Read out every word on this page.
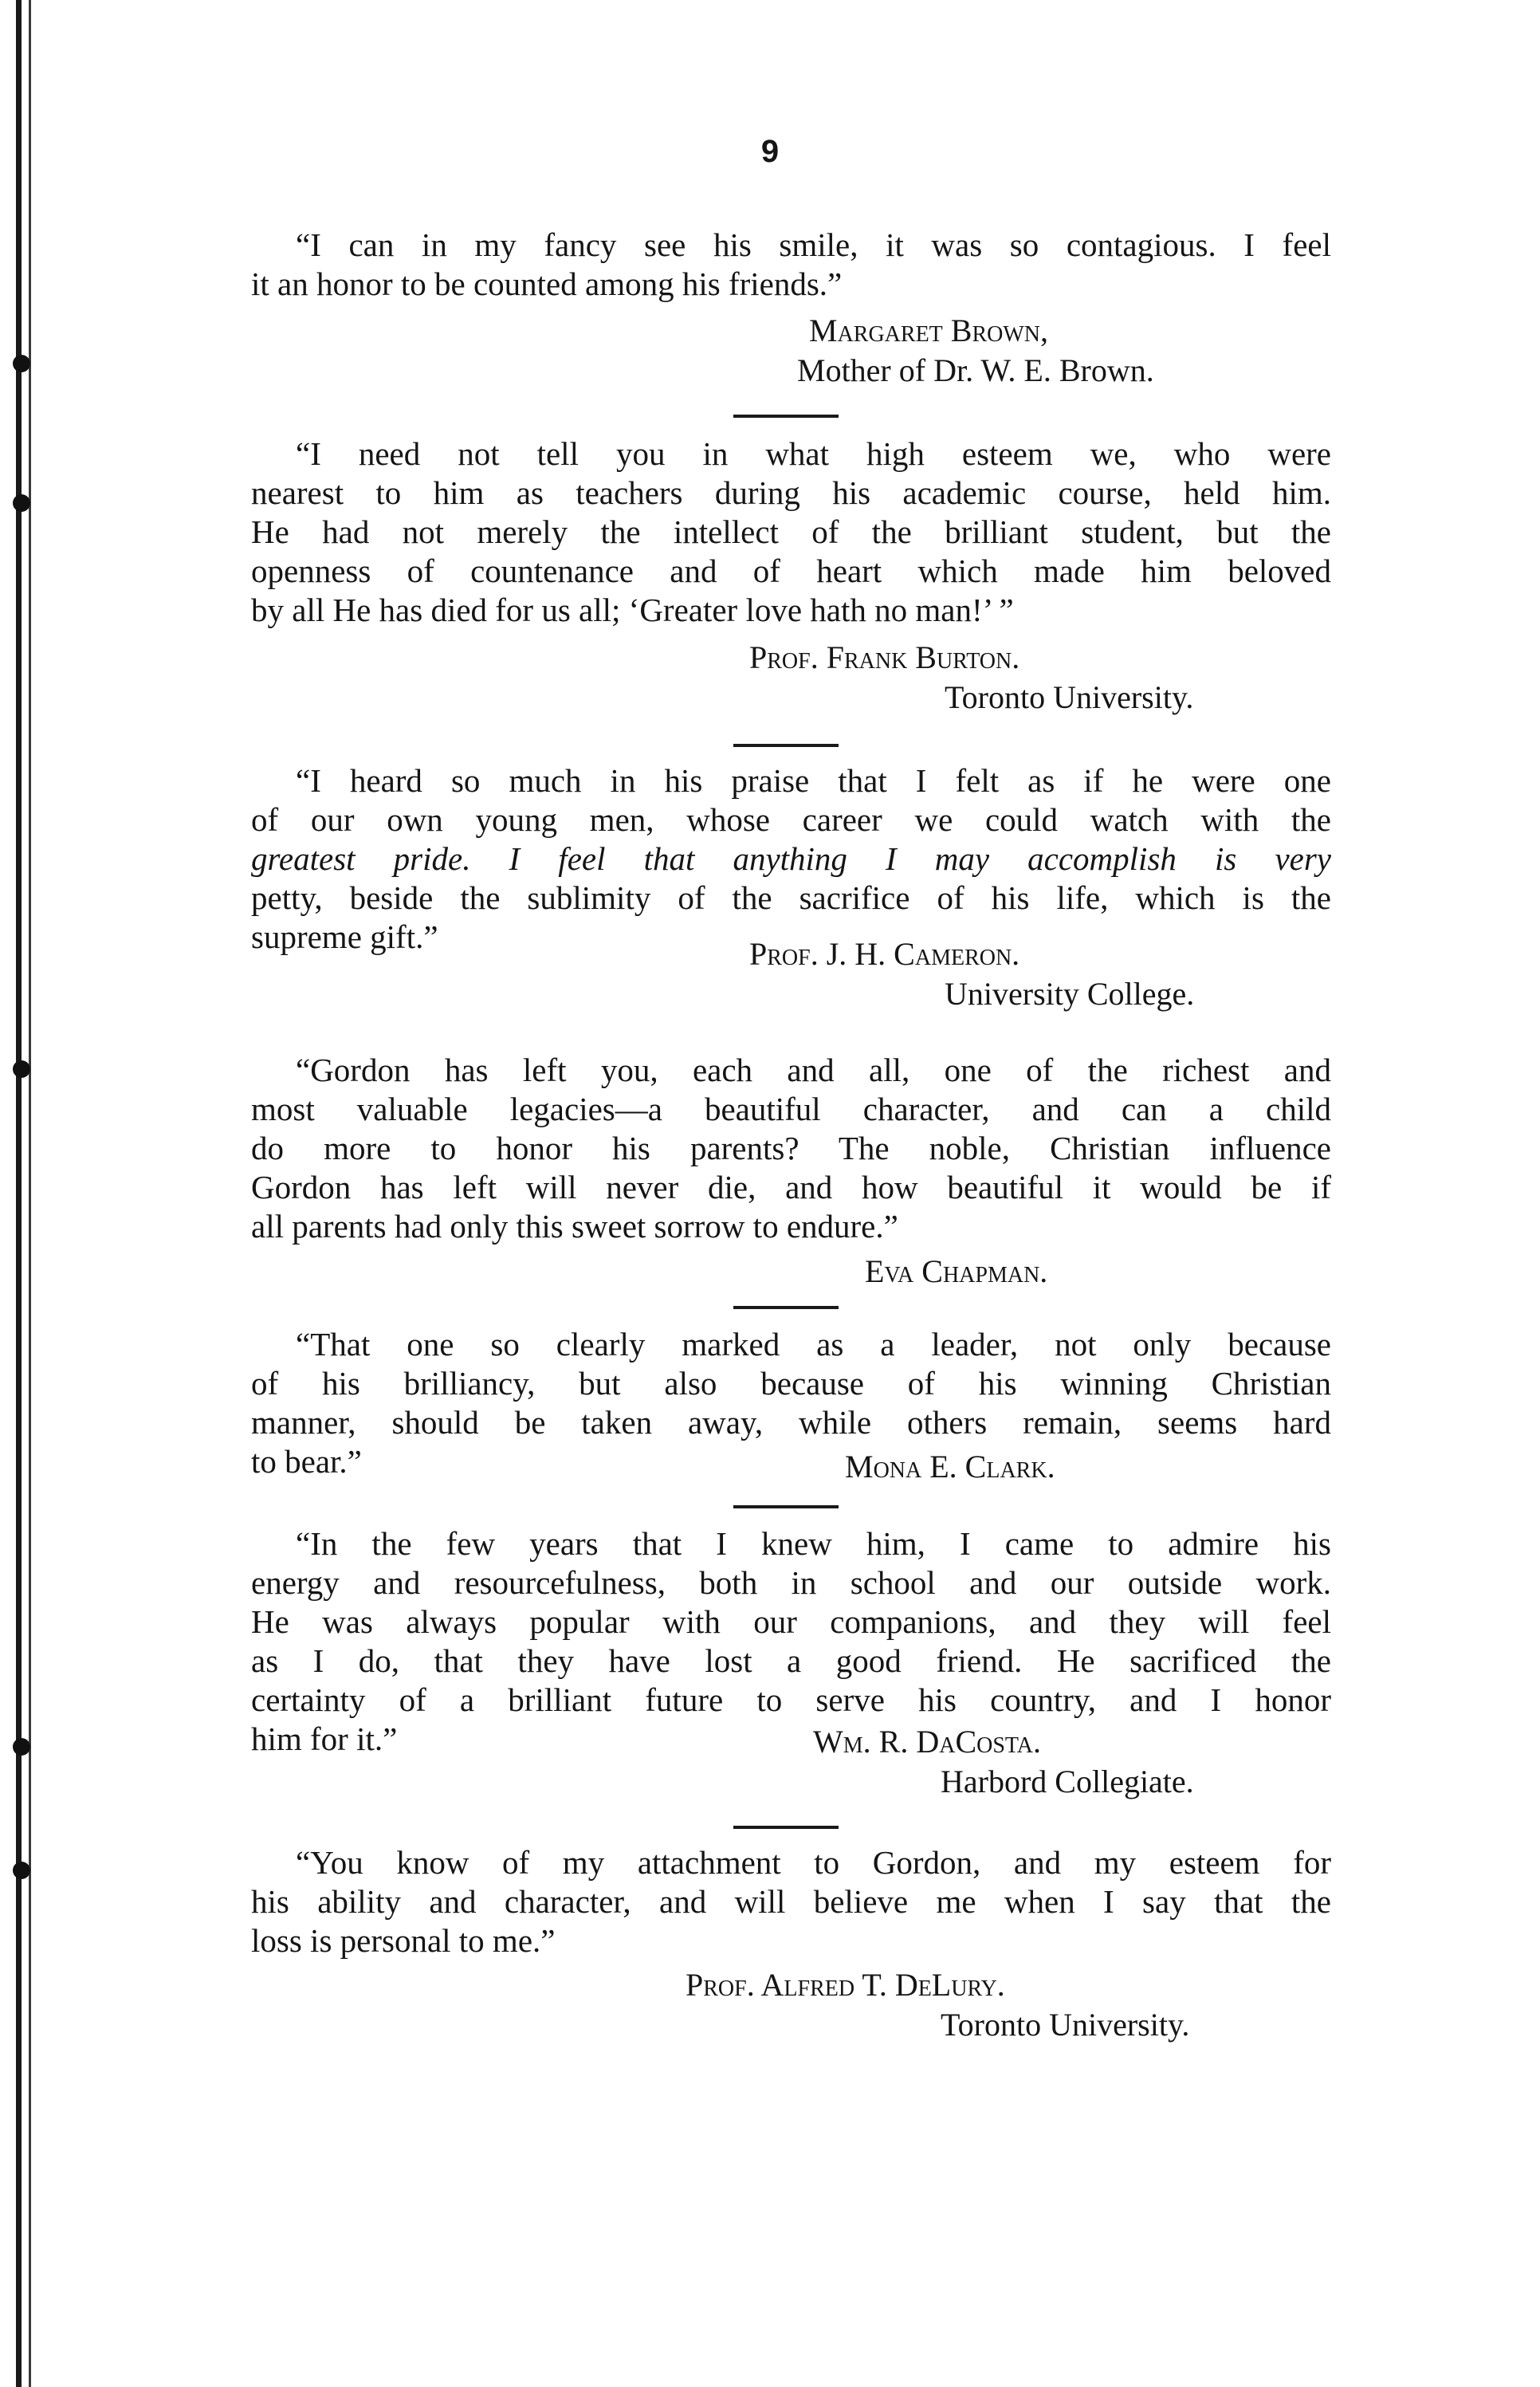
9
“I can in my fancy see his smile, it was so contagious. I feel
it an honor to be counted among his friends.”
Margaret Brown,
Mother of Dr. W. E. Brown.
“I need not tell you in what high esteem we, who were
nearest to him as teachers during his academic course, held him.
He had not merely the intellect of the brilliant student, but the
openness of countenance and of heart which made him beloved
by all He has died for us all; ‘Greater love hath no man!’ ”
Prof. Frank Burton.
Toronto University.
“I heard so much in his praise that I felt as if he were one
of our own young men, whose career we could watch with the
greatest pride. I feel that anything I may accomplish is very
petty, beside the sublimity of the sacrifice of his life, which is the
supreme gift.”	Prof. J. H. Cameron.
University College.
“Gordon has left you, each and all, one of the richest and
most valuable legacies—a beautiful character, and can a child
do more to honor his parents? The noble, Christian influence
Gordon has left will never die, and how beautiful it would be if
all parents had only this sweet sorrow to endure.”
Eva Chapman.
“That one so clearly marked as a leader, not only because
of his brilliancy, but also because of his winning Christian
manner, should be taken away, while others remain, seems hard
to bear.”	Mona E. Clark.
“In the few years that I knew him, I came to admire his
energy and resourcefulness, both in school and our outside work.
He was always popular with our companions, and they will feel
as I do, that they have lost a good friend. He sacrificed the
certainty of a brilliant future to serve his country, and I honor
him for it.”	Wm. R. DaCosta.
Harbord Collegiate.
“You know of my attachment to Gordon, and my esteem for
his ability and character, and will believe me when I say that the
loss is personal to me.”
Prof. Alfred T. DeLury.
Toronto University.
